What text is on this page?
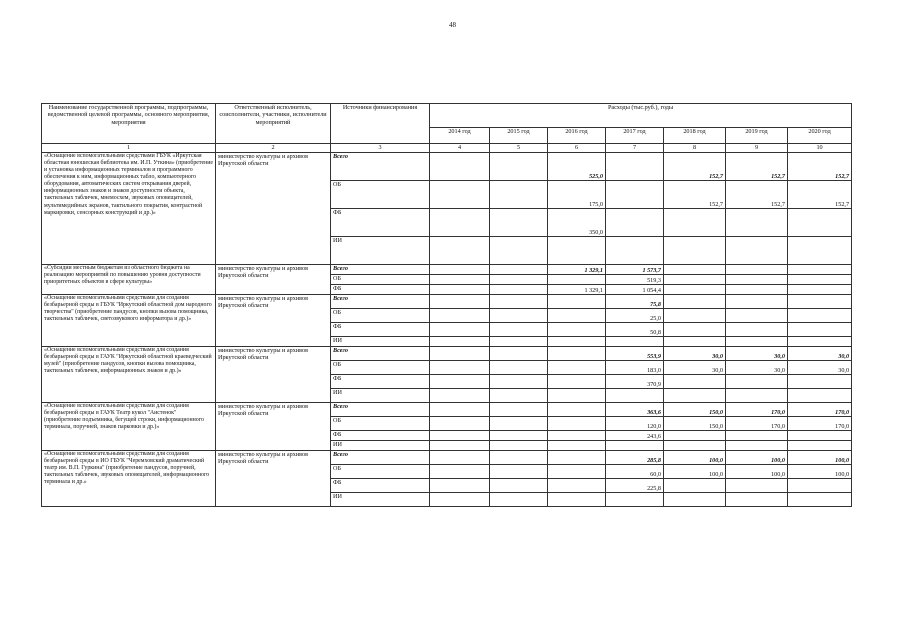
48
Наименование государственной программы, подпрограммы, ведомственной целевой программы, основного мероприятия, мероприятия	Ответственный исполнитель, соисполнители, участники, исполнители мероприятий	Источники финансирования	Расходы (тыс.руб.), годы						
			2014 год	2015 год	2016 год	2017 год	2018 год	2019 год	2020 год
1	2	3	4	5	6	7	8	9	10
«Оснащение вспомогательными средствами ГБУК «Иркутская областная юношеская библиотека им. И.П. Уткина» (приобретение и установка информационных терминалов и программного обеспечения к ним, информационных табло, компьютерного оборудования, автоматических систем открывания дверей, информационных знаков и знаков доступности объекта, тактильных табличек, мнемосхем, звуковых оповещателей, мультимедийных экранов, тактильного покрытия, контрастной маркировки, сенсорных конструкций и др.)»	министерство культуры и архивов Иркутской области	Всего			525,0		152,7	152,7	152,7
		ОБ			175,0		152,7	152,7	152,7
		ФБ			350,0				
		ИИ							
«Субсидии местным бюджетам из областного бюджета на реализацию мероприятий по повышению уровня доступности приоритетных объектов в сфере культуры»	министерство культуры и архивов Иркутской области	Всего			1 329,1	1 573,7			
		ОБ				519,3			
		ФБ			1 329,1	1 054,4			
«Оснащение вспомогательными средствами для создания безбарьерной среды в ГБУК "Иркутский областной дом народного творчества" (приобретение пандусов, кнопки вызова помощника, тактильных табличек, светозвукового информатора и др.)»	министерство культуры и архивов Иркутской области	Всего				75,8			
		ОБ				25,0			
		ФБ				50,8			
		ИИ							
«Оснащение вспомогательными средствами для создания безбарьерной среды в ГАУК "Иркутский областной краеведческий музей" (приобретение пандусов, кнопки вызова помощника, тактильных табличек, информационных знаков и др.)»	министерство культуры и архивов Иркутской области	Всего				553,9	30,0	30,0	30,0
		ОБ				183,0	30,0	30,0	30,0
		ФБ				370,9			
		ИИ							
«Оснащение вспомогательными средствами для создания безбарьерной среды в ГАУК Театр кукол "Аистенок"(приобретение подъемника, бегущей строки, информационного терминала, поручней, знаков парковки и др.)»	министерство культуры и архивов Иркутской области	Всего				363,6	150,0	170,0	170,0
		ОБ				120,0	150,0	170,0	170,0
		ФБ				243,6			
		ИИ							
«Оснащение вспомогательными средствами для создания безбарьерной среды в ИО ГБУК "Черемховский драматический театр им. В.П. Гуркина" (приобретение пандусов, поручней, тактильных табличек, звуковых оповещателей, информационного терминала и др.»	министерство культуры и архивов Иркутской области	Всего				285,8	100,0	100,0	100,0
		ОБ				60,0	100,0	100,0	100,0
		ФБ				225,8			
		ИИ							
